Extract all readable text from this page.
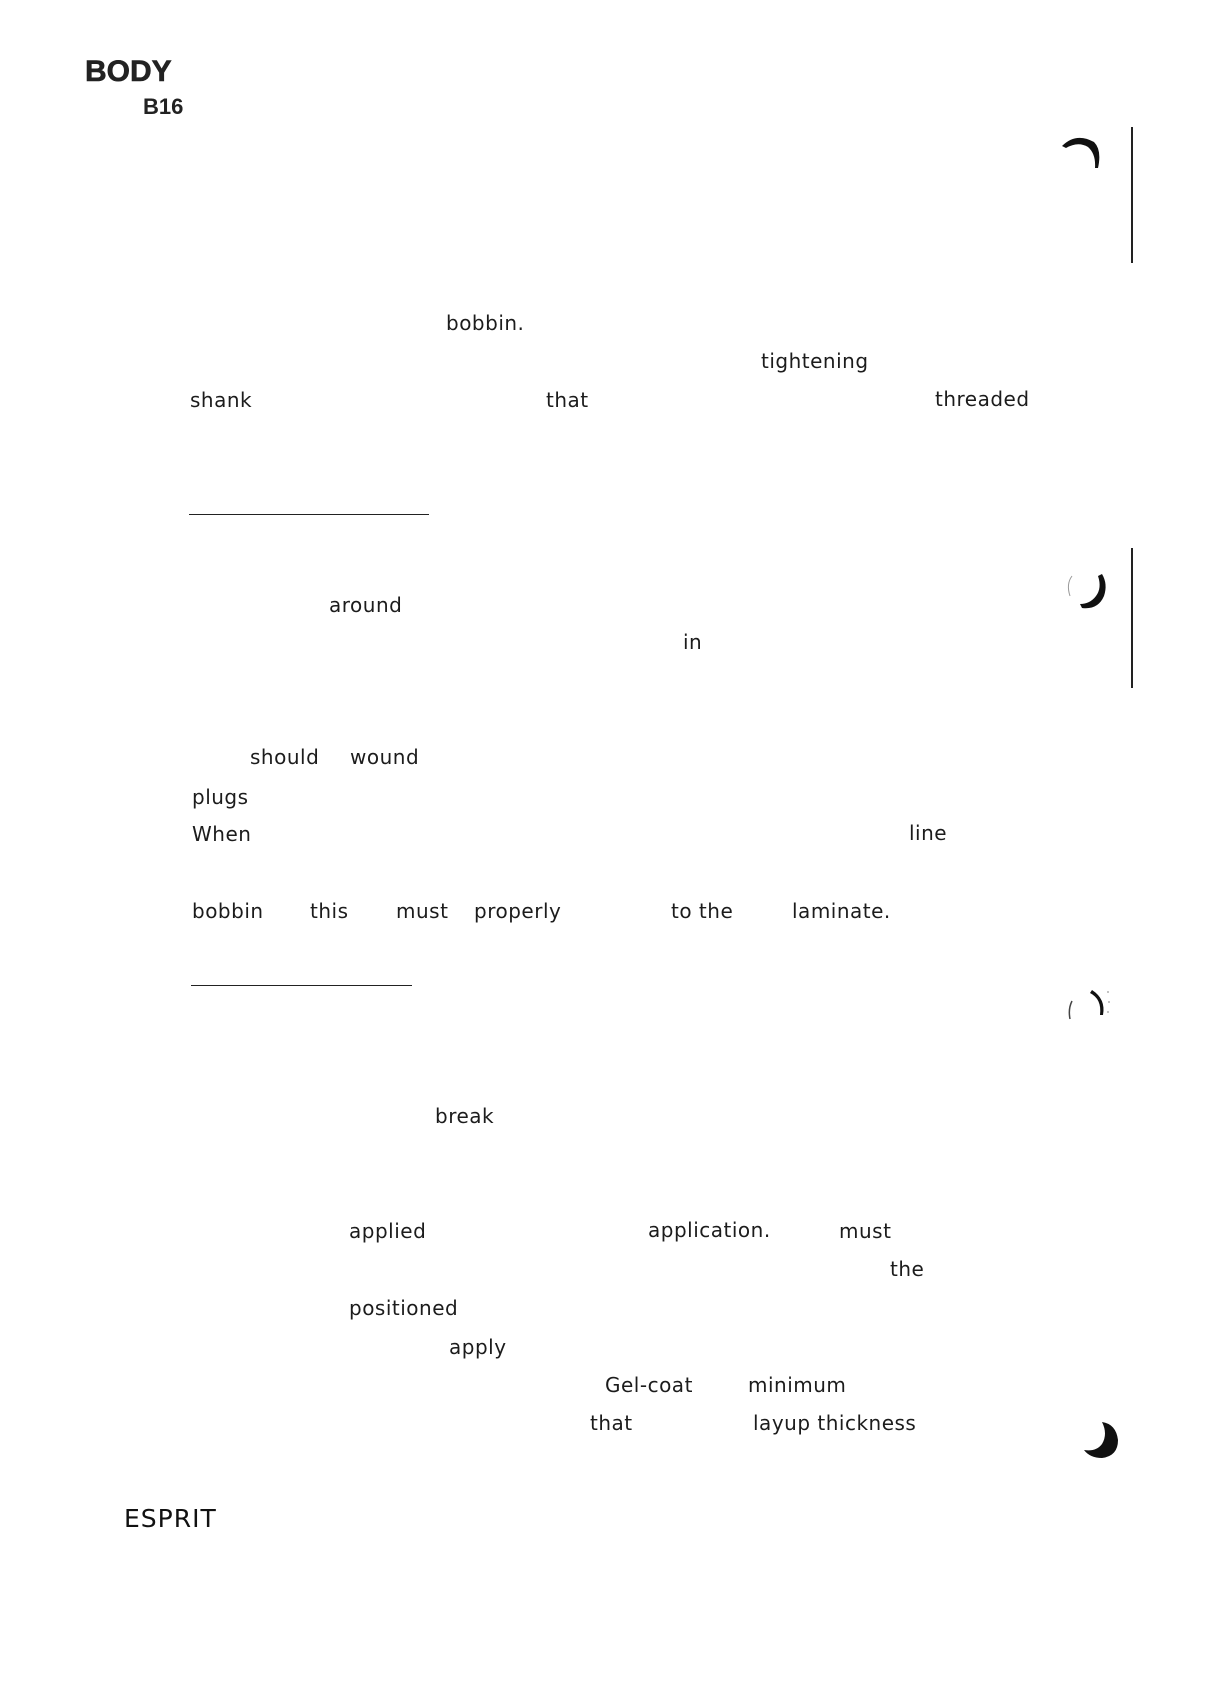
BODY
B16
bobbin.
tightening
shank	that	threaded
around
in
should wound
plugs
When	line
bobbin this must properly	to the	laminate.
break
applied	application.	must
the
positioned
apply
Gel-coat	minimum
that	layup thickness
ESPRIT
